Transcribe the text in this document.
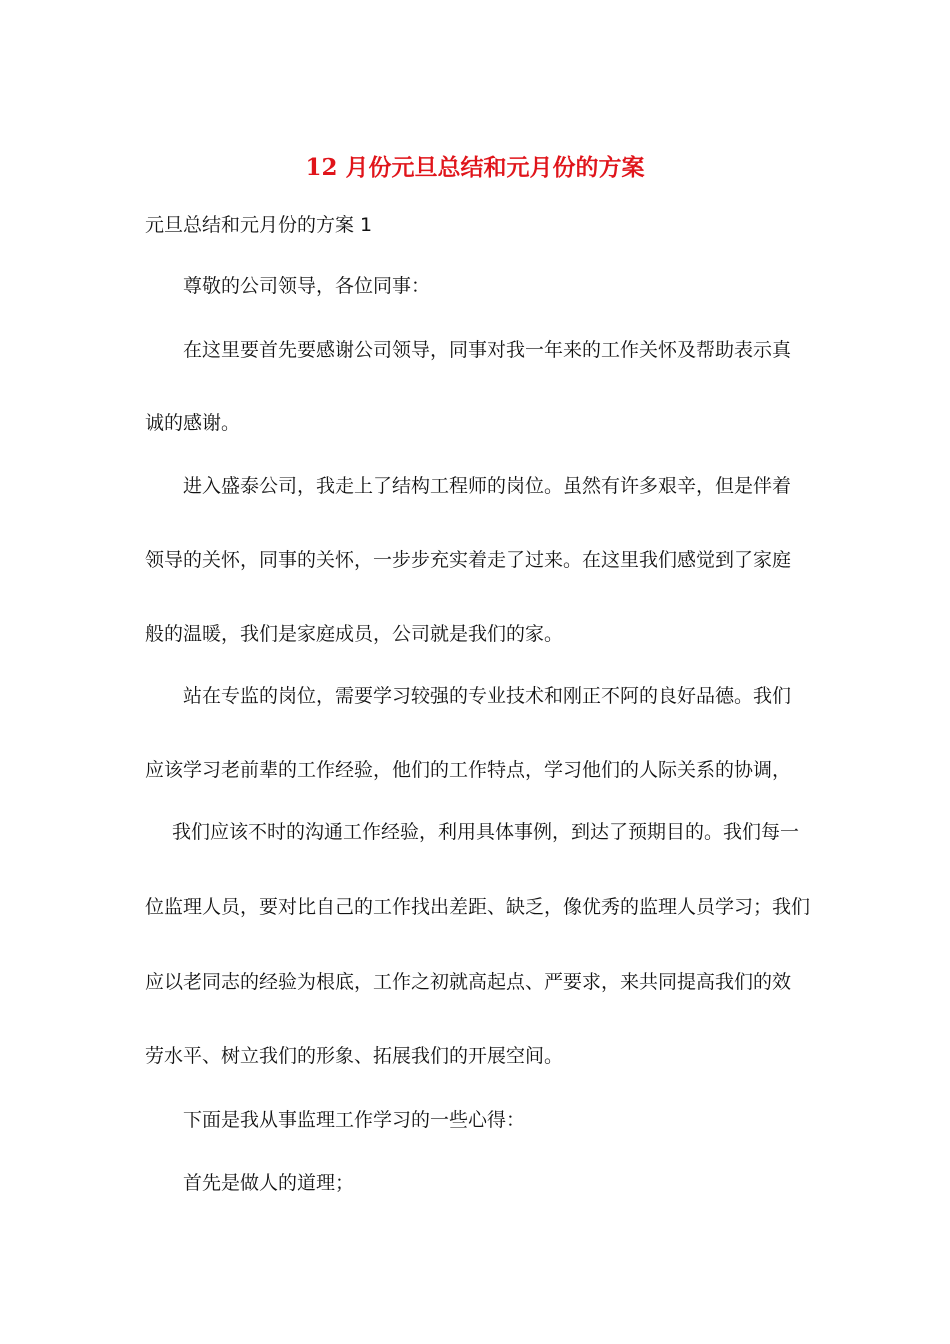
12 月份元旦总结和元月份的方案
元旦总结和元月份的方案 1
尊敬的公司领导，各位同事：
在这里要首先要感谢公司领导，同事对我一年来的工作关怀及帮助表示真
诚的感谢。
进入盛泰公司，我走上了结构工程师的岗位。虽然有许多艰辛，但是伴着
领导的关怀，同事的关怀，一步步充实着走了过来。在这里我们感觉到了家庭
般的温暖，我们是家庭成员，公司就是我们的家。
站在专监的岗位，需要学习较强的专业技术和刚正不阿的良好品德。我们
应该学习老前辈的工作经验，他们的工作特点，学习他们的人际关系的协调，
我们应该不时的沟通工作经验，利用具体事例，到达了预期目的。我们每一
位监理人员，要对比自己的工作找出差距、缺乏，像优秀的监理人员学习；我们
应以老同志的经验为根底，工作之初就高起点、严要求，来共同提高我们的效
劳水平、树立我们的形象、拓展我们的开展空间。
下面是我从事监理工作学习的一些心得：
首先是做人的道理；
